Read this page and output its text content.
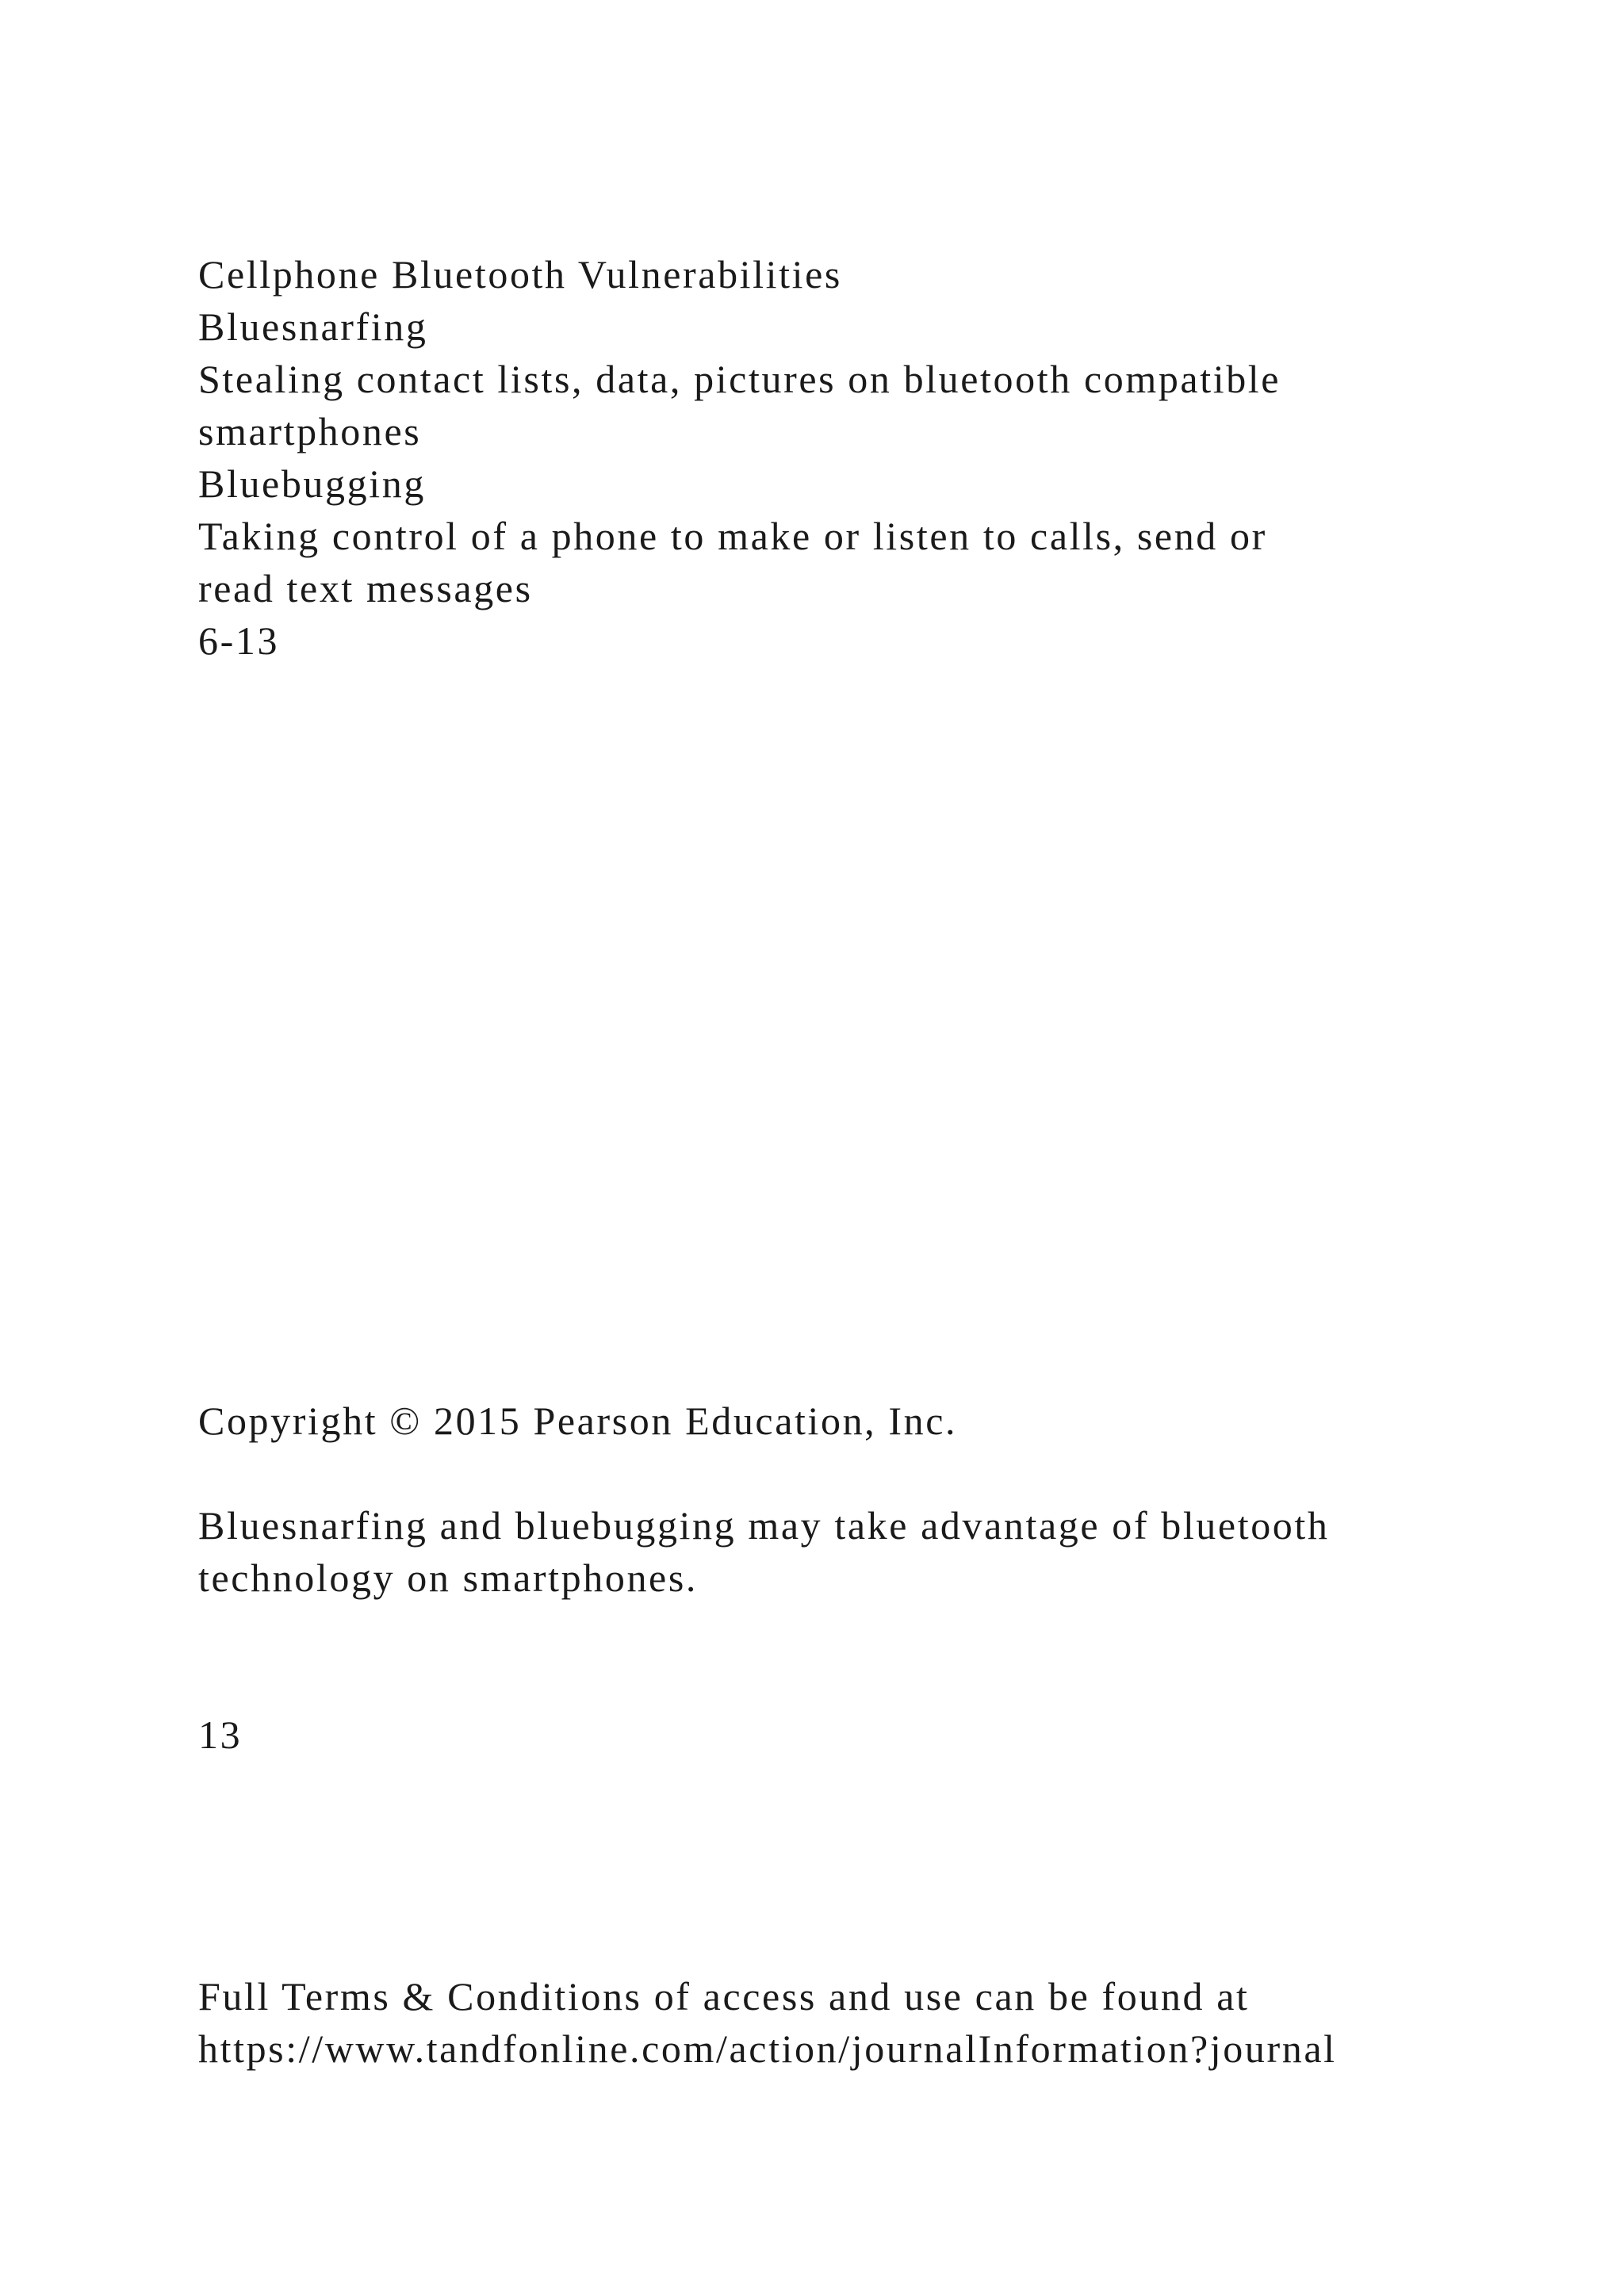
Cellphone Bluetooth Vulnerabilities
Bluesnarfing
Stealing contact lists, data, pictures on bluetooth compatible
smartphones
Bluebugging
Taking control of a phone to make or listen to calls, send or
read text messages
6-13
Copyright © 2015 Pearson Education, Inc.
Bluesnarfing and bluebugging may take advantage of bluetooth
technology on smartphones.
13
Full Terms & Conditions of access and use can be found at
https://www.tandfonline.com/action/journalInformation?journal
